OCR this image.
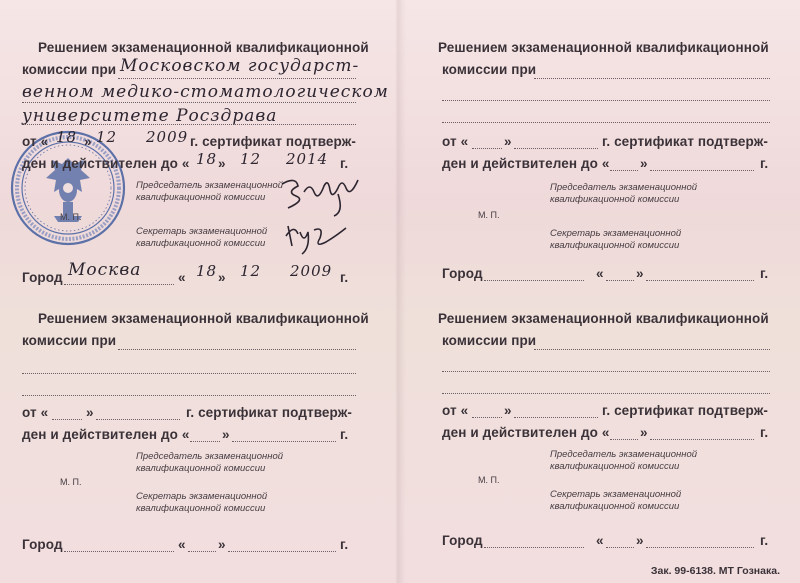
Решением экзаменационной квалификационной
комиссии при Московском государст-
венном медико-стоматологическом
университете Росздрава
от « 18 » 12 2009 г. сертификат подтверж-
ден и действителен до « 18 » 12 2014 г.
Председатель экзаменационной
квалификационной комиссии
М. П.
Секретарь экзаменационной
квалификационной комиссии
Город Москва	« 18 » 12 2009 г.
Решением экзаменационной квалификационной
комиссии при
от «	»	г. сертификат подтверж-
ден и действителен до « »	г.
Председатель экзаменационной
квалификационной комиссии
М. П.
Секретарь экзаменационной
квалификационной комиссии
Город	« »	г.
Решением экзаменационной квалификационной
комиссии при
от «	»	г. сертификат подтверж-
ден и действителен до « »	г.
Председатель экзаменационной
квалификационной комиссии
М. П.
Секретарь экзаменационной
квалификационной комиссии
Город	« »	г.
Решением экзаменационной квалификационной
комиссии при
от «	»	г. сертификат подтверж-
ден и действителен до « »	г.
Председатель экзаменационной
квалификационной комиссии
М. П.
Секретарь экзаменационной
квалификационной комиссии
Город	« »	г.
Зак. 99-6138. МТ Гознака.
